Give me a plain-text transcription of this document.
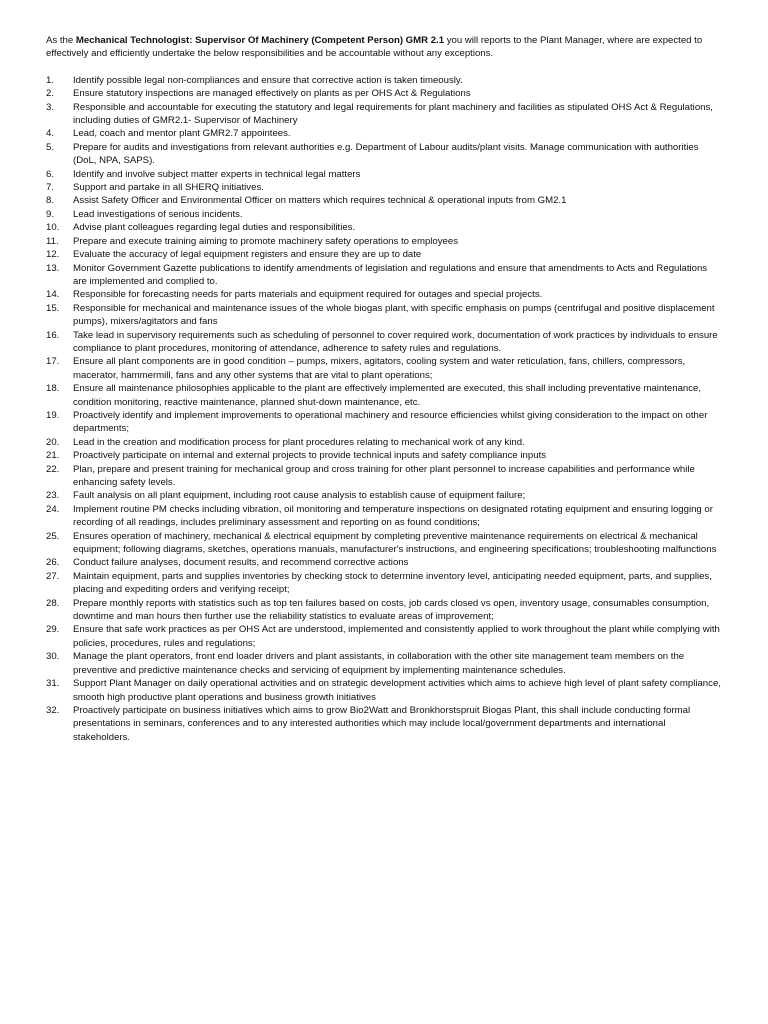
As the Mechanical Technologist: Supervisor Of Machinery (Competent Person) GMR 2.1 you will reports to the Plant Manager, where are expected to effectively and efficiently undertake the below responsibilities and be accountable without any exceptions.

1.	Identify possible legal non-compliances and ensure that corrective action is taken timeously.
2.	Ensure statutory inspections are managed effectively on plants as per OHS Act & Regulations
3.	Responsible and accountable for executing the statutory and legal requirements for plant machinery and facilities as stipulated OHS Act & Regulations, including duties of GMR2.1- Supervisor of Machinery
4.	Lead, coach and mentor plant GMR2.7 appointees.
5.	Prepare for audits and investigations from relevant authorities e.g. Department of Labour audits/plant visits. Manage communication with authorities (DoL, NPA, SAPS).
6.	Identify and involve subject matter experts in technical legal matters
7.	Support and partake in all SHERQ initiatives.
8.	Assist Safety Officer and Environmental Officer on matters which requires technical & operational inputs from GM2.1
9.	Lead investigations of serious incidents.
10.	Advise plant colleagues regarding legal duties and responsibilities.
11.	Prepare and execute training aiming to promote machinery safety operations to employees
12.	Evaluate the accuracy of legal equipment registers and ensure they are up to date
13.	Monitor Government Gazette publications to identify amendments of legislation and regulations and ensure that amendments to Acts and Regulations are implemented and complied to.
14.	Responsible for forecasting needs for parts materials and equipment required for outages and special projects.
15.	Responsible for mechanical and maintenance issues of the whole biogas plant, with specific emphasis on pumps (centrifugal and positive displacement pumps), mixers/agitators and fans
16.	Take lead in supervisory requirements such as scheduling of personnel to cover required work, documentation of work practices by individuals to ensure compliance to plant procedures, monitoring of attendance, adherence to safety rules and regulations.
17.	Ensure all plant components are in good condition – pumps, mixers, agitators, cooling system and water reticulation, fans, chillers, compressors, macerator, hammermill, fans and any other systems that are vital to plant operations;
18.	Ensure all maintenance philosophies applicable to the plant are effectively implemented are executed, this shall including preventative maintenance, condition monitoring, reactive maintenance, planned shut-down maintenance, etc.
19.	Proactively identify and implement improvements to operational machinery and resource efficiencies whilst giving consideration to the impact on other departments;
20.	Lead in the creation and modification process for plant procedures relating to mechanical work of any kind.
21.	Proactively participate on internal and external projects to provide technical inputs and safety compliance inputs
22.	Plan, prepare and present training for mechanical group and cross training for other plant personnel to increase capabilities and performance while enhancing safety levels.
23.	Fault analysis on all plant equipment, including root cause analysis to establish cause of equipment failure;
24.	Implement routine PM checks including vibration, oil monitoring and temperature inspections on designated rotating equipment and ensuring logging or recording of all readings, includes preliminary assessment and reporting on as found conditions;
25.	Ensures operation of machinery, mechanical & electrical equipment by completing preventive maintenance requirements on electrical & mechanical equipment; following diagrams, sketches, operations manuals, manufacturer's instructions, and engineering specifications; troubleshooting malfunctions
26.	Conduct failure analyses, document results, and recommend corrective actions
27.	Maintain equipment, parts and supplies inventories by checking stock to determine inventory level, anticipating needed equipment, parts, and supplies, placing and expediting orders and verifying receipt;
28.	Prepare monthly reports with statistics such as top ten failures based on costs, job cards closed vs open, inventory usage, consumables consumption, downtime and man hours then further use the reliability statistics to evaluate areas of improvement;
29.	Ensure that safe work practices as per OHS Act are understood, implemented and consistently applied to work throughout the plant while complying with policies, procedures, rules and regulations;
30.	Manage the plant operators, front end loader drivers and plant assistants, in collaboration with the other site management team members on the preventive and predictive maintenance checks and servicing of equipment by implementing maintenance schedules.
31.	Support Plant Manager on daily operational activities and on strategic development activities which aims to achieve high level of plant safety compliance, smooth high productive plant operations and business growth initiatives
32.	Proactively participate on business initiatives which aims to grow Bio2Watt and Bronkhorstspruit Biogas Plant, this shall include conducting formal presentations in seminars, conferences and to any interested authorities which may include local/government departments and international stakeholders.
